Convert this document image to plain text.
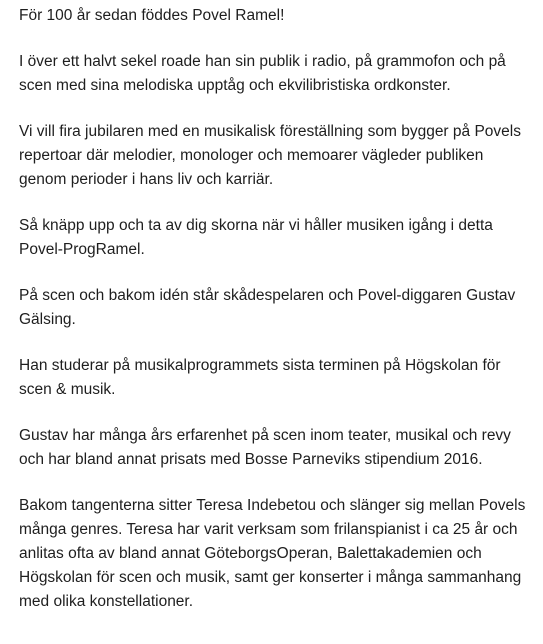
För 100 år sedan föddes Povel Ramel!

I över ett halvt sekel roade han sin publik i radio, på grammofon och på scen med sina melodiska upptåg och ekvilibristiska ordkonster.

Vi vill fira jubilaren med en musikalisk föreställning som bygger på Povels repertoar där melodier, monologer och memoarer vägleder publiken genom perioder i hans liv och karriär.

Så knäpp upp och ta av dig skorna när vi håller musiken igång i detta Povel-ProgRamel.

På scen och bakom idén står skådespelaren och Povel-diggaren Gustav Gälsing.

Han studerar på musikalprogrammets sista terminen på Högskolan för scen & musik.

Gustav har många års erfarenhet på scen inom teater, musikal och revy och har bland annat prisats med Bosse Parneviks stipendium 2016.

Bakom tangenterna sitter Teresa Indebetou och slänger sig mellan Povels många genres. Teresa har varit verksam som frilanspianist i ca 25 år och anlitas ofta av bland annat GöteborgsOperan, Balettakademien och Högskolan för scen och musik, samt ger konserter i många sammanhang med olika konstellationer.
